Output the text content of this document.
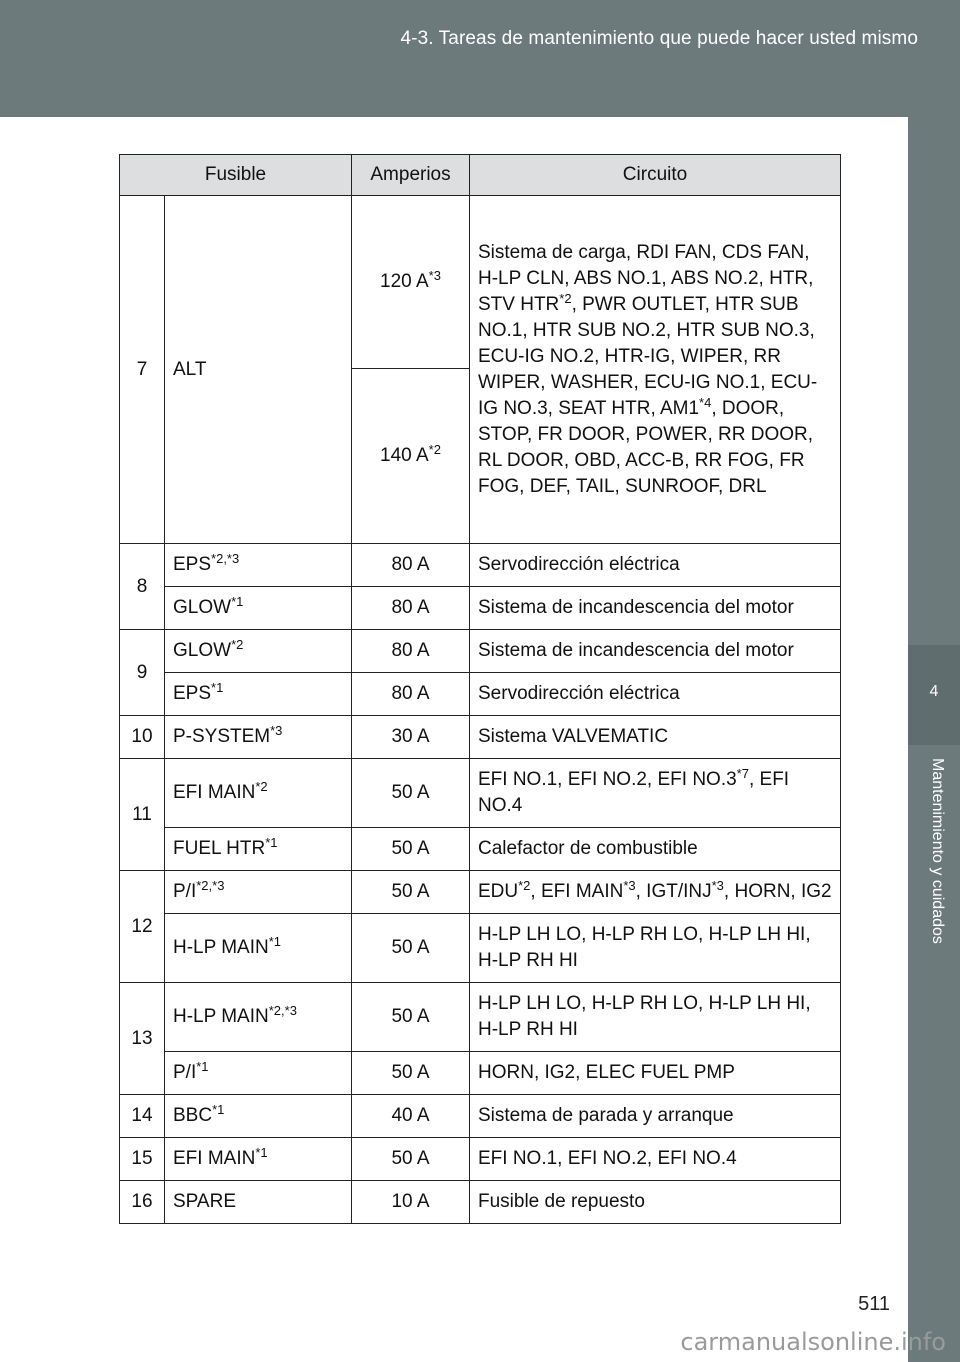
4-3. Tareas de mantenimiento que puede hacer usted mismo
4
Mantenimiento y cuidados
Fusible		Amperios	Circuito
7	ALT	120 $A^{*3}$	Sistema de carga, RDI FAN, CDS FAN, H-LP CLN, ABS NO.1, ABS NO.2, HTR, STV HTR$^{*2}$, PWR OUTLET, HTR SUB NO.1, HTR SUB NO.2, HTR SUB NO.3, ECU-IG NO.2, HTR-IG, WIPER, RR WIPER, WASHER, ECU-IG NO.1, ECU-IG NO.3, SEAT HTR, AM1$^{*4}$, DOOR, STOP, FR DOOR, POWER, RR DOOR, RL DOOR, OBD, ACC-B, RR FOG, FR FOG, DEF, TAIL, SUNROOF, DRL
		140 $A^{*2}$
8	$EPS^{*2,*3}$	80 A	Servodirección eléctrica
	GLOW$^{*1}$	80 A	Sistema de incandescencia del motor
9	GLOW$^{*2}$	80 A	Sistema de incandescencia del motor
	EPS$^{*1}$	80 A	Servodirección eléctrica
10	P-SYSTEM$^{*3}$	30 A	Sistema VALVEMATIC
11	EFI MAIN$^{*2}$	50 A	EFI NO.1, EFI NO.2, EFI NO.3$^{*7}$, EFI NO.4
	FUEL HTR$^{*1}$	50 A	Calefactor de combustible
12	$P/I^{*2,*3}$	50 A	EDU$^{*2}$, EFI MAIN$^{*3}$, IGT/INJ$^{*3}$, HORN, IG2
	H-LP MAIN$^{*1}$	50 A	H-LP LH LO, H-LP RH LO, H-LP LH HI, H-LP RH HI
13	H-LP $MAIN^{*2,*3}$	50 A	H-LP LH LO, H-LP RH LO, H-LP LH HI, H-LP RH HI
	$P/I^{*1}$	50 A	HORN, IG2, ELEC FUEL PMP
14	BBC$^{*1}$	40 A	Sistema de parada y arranque
15	EFI MAIN$^{*1}$	50 A	EFI NO.1, EFI NO.2, EFI NO.4
16	SPARE	10 A	Fusible de repuesto
511
carmanualsonline.info
